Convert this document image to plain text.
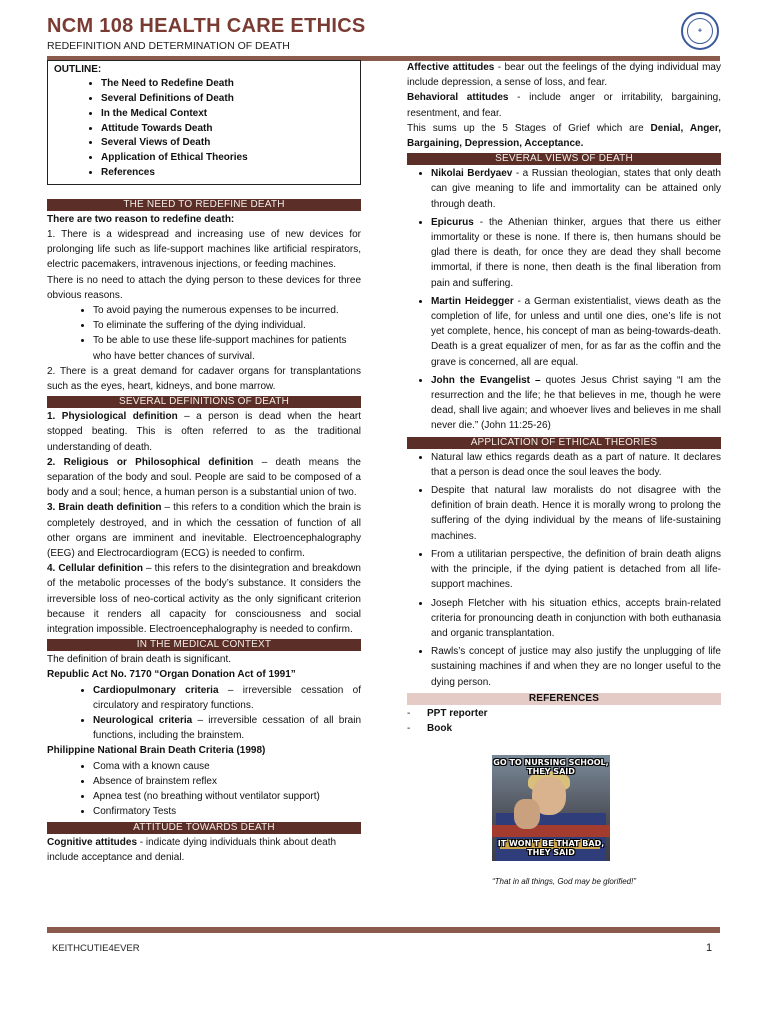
NCM 108 HEALTH CARE ETHICS
REDEFINITION AND DETERMINATION OF DEATH
✚
OUTLINE:
• The Need to Redefine Death
• Several Definitions of Death
• In the Medical Context
• Attitude Towards Death
• Several Views of Death
• Application of Ethical Theories
• References
THE NEED TO REDEFINE DEATH

There are two reason to redefine death:

1. There is a widespread and increasing use of new devices for prolonging life such as life-support machines like artificial respirators, electric pacemakers, intravenous injections, or feeding machines.

There is no need to attach the dying person to these devices for three obvious reasons.

• To avoid paying the numerous expenses to be incurred.
• To eliminate the suffering of the dying individual.
• To be able to use these life-support machines for patients who have better chances of survival.

2. There is a great demand for cadaver organs for transplantations such as the eyes, heart, kidneys, and bone marrow.

SEVERAL DEFINITIONS OF DEATH

1. Physiological definition – a person is dead when the heart stopped beating. This is often referred to as the traditional understanding of death.

2. Religious or Philosophical definition – death means the separation of the body and soul. People are said to be composed of a body and a soul; hence, a human person is a substantial union of two.

3. Brain death definition – this refers to a condition which the brain is completely destroyed, and in which the cessation of function of all other organs are imminent and inevitable. Electroencephalography (EEG) and Electrocardiogram (ECG) is needed to confirm.

4. Cellular definition – this refers to the disintegration and breakdown of the metabolic processes of the body’s substance. It considers the irreversible loss of neo-cortical activity as the only significant criterion because it renders all capacity for consciousness and social integration impossible. Electroencephalography is needed to confirm.

IN THE MEDICAL CONTEXT

The definition of brain death is significant.

Republic Act No. 7170 “Organ Donation Act of 1991”

• Cardiopulmonary criteria – irreversible cessation of circulatory and respiratory functions.
• Neurological criteria – irreversible cessation of all brain functions, including the brainstem.

Philippine National Brain Death Criteria (1998)

• Coma with a known cause
• Absence of brainstem reflex
• Apnea test (no breathing without ventilator support)
• Confirmatory Tests
ATTITUDE TOWARDS DEATH

Cognitive attitudes - indicate dying individuals think about death include acceptance and denial.

Affective attitudes - bear out the feelings of the dying individual may include depression, a sense of loss, and fear.

Behavioral attitudes - include anger or irritability, bargaining, resentment, and fear.

This sums up the 5 Stages of Grief which are Denial, Anger, Bargaining, Depression, Acceptance.

SEVERAL VIEWS OF DEATH
• Nikolai Berdyaev - a Russian theologian, states that only death can give meaning to life and immortality can be attained only through death.
• Epicurus - the Athenian thinker, argues that there us either immortality or these is none. If there is, then humans should be glad there is death, for once they are dead they shall become immortal, if there is none, then death is the final liberation from pain and suffering.
• Martin Heidegger - a German existentialist, views death as the completion of life, for unless and until one dies, one’s life is not yet complete, hence, his concept of man as being-towards-death. Death is a great equalizer of men, for as far as the coffin and the grave is concerned, all are equal.
• John the Evangelist – quotes Jesus Christ saying “I am the resurrection and the life; he that believes in me, though he were dead, shall live again; and whoever lives and believes in me shall never die.” (John 11:25-26)
APPLICATION OF ETHICAL THEORIES
• Natural law ethics regards death as a part of nature. It declares that a person is dead once the soul leaves the body.
• Despite that natural law moralists do not disagree with the definition of brain death. Hence it is morally wrong to prolong the suffering of the dying individual by the means of life-sustaining machines.
• From a utilitarian perspective, the definition of brain death aligns with the principle, if the dying patient is detached from all life-support machines.
• Joseph Fletcher with his situation ethics, accepts brain-related criteria for pronouncing death in conjunction with both euthanasia and organic transplantation.
• Rawls’s concept of justice may also justify the unplugging of life sustaining machines if and when they are no longer useful to the dying person.
REFERENCES
- PPT reporter
- Book
GO TO NURSING SCHOOL, THEY SAID
IT WON'T BE THAT BAD, THEY SAID
“That in all things, God may be glorified!”
KEITHCUTIE4EVER	1
